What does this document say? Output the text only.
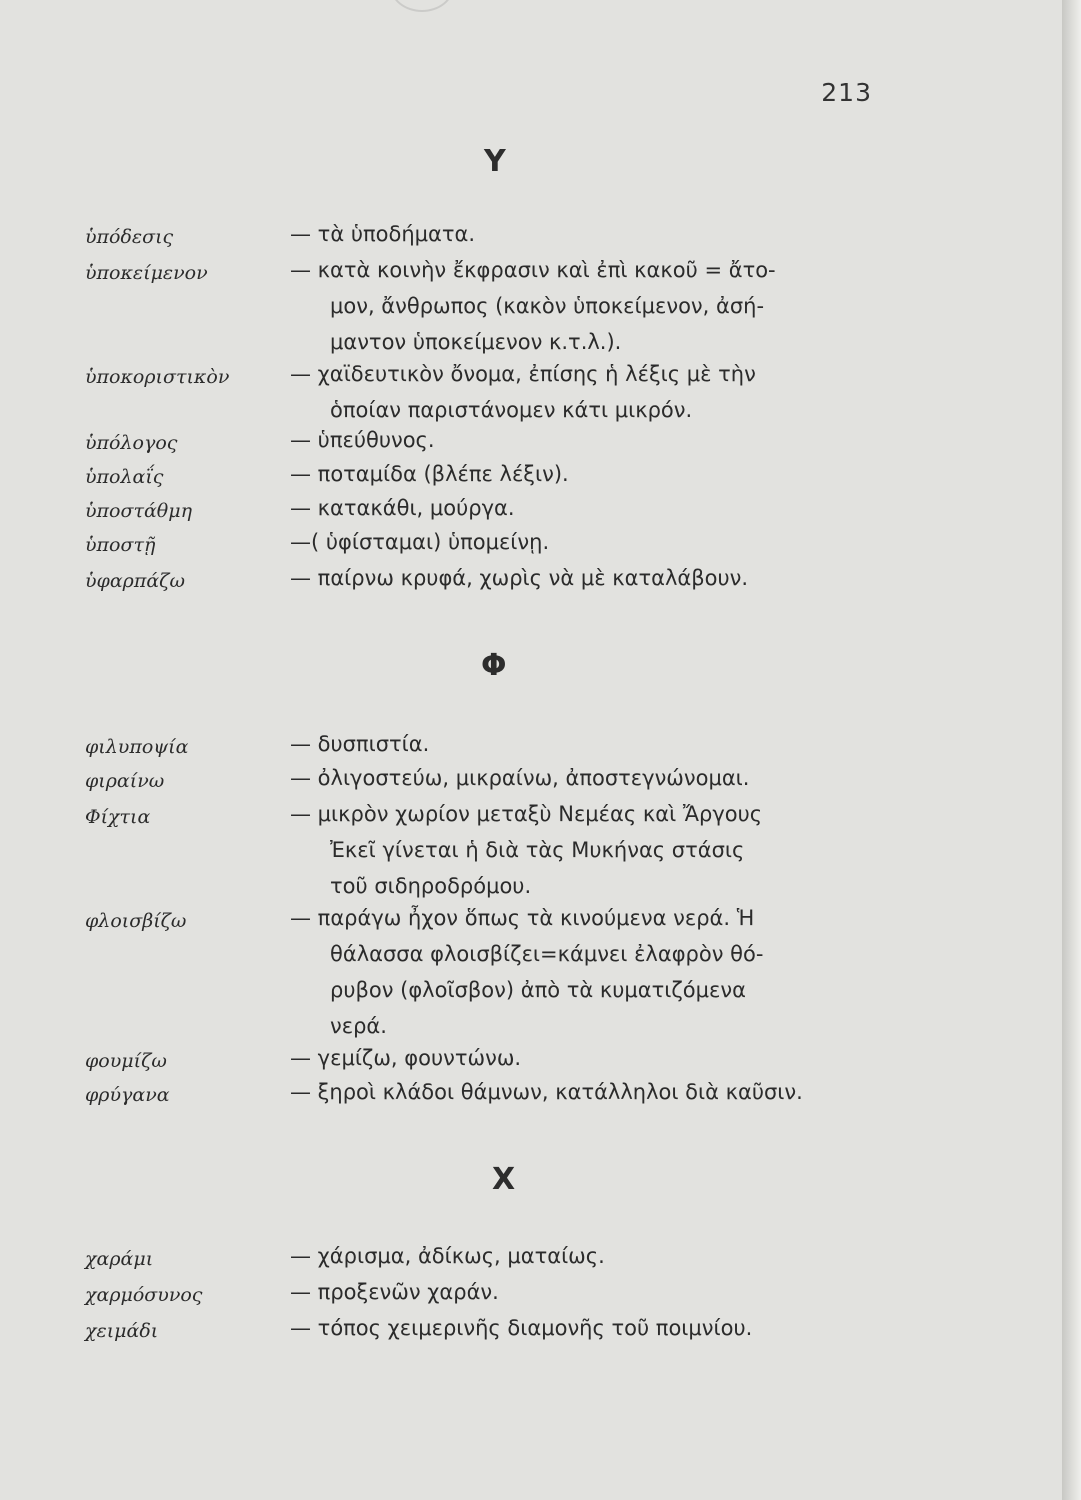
213
Υ
ὑπόδεσις	— τὰ ὑποδήματα.
ὑποκείμενον	— κατὰ κοινὴν ἔκφρασιν καὶ ἐπὶ κακοῦ = ἄτο-
μον, ἄνθρωπος (κακὸν ὑποκείμενον, ἀσή-
μαντον ὑποκείμενον κ.τ.λ.).
ὑποκοριστικὸν	— χαϊδευτικὸν ὄνομα, ἐπίσης ἡ λέξις μὲ τὴν
ὁποίαν παριστάνομεν κάτι μικρόν.
ὑπόλογος	— ὑπεύθυνος.
ὑπολαΐς	— ποταμίδα (βλέπε λέξιν).
ὑποστάθμη	— κατακάθι, μούργα.
ὑποστῇ	—( ὑφίσταμαι) ὑπομείνῃ.
ὑφαρπάζω	— παίρνω κρυφά, χωρὶς νὰ μὲ καταλάβουν.
Φ
φιλυποψία	— δυσπιστία.
φιραίνω	— ὀλιγοστεύω, μικραίνω, ἀποστεγνώνομαι.
Φίχτια	— μικρὸν χωρίον μεταξὺ Νεμέας καὶ Ἄργους
Ἐκεῖ γίνεται ἡ διὰ τὰς Μυκήνας στάσις
τοῦ σιδηροδρόμου.
φλοισβίζω	— παράγω ἦχον ὅπως τὰ κινούμενα νερά. Ἡ
θάλασσα φλοισβίζει=κάμνει ἐλαφρὸν θό-
ρυβον (φλοῖσβον) ἀπὸ τὰ κυματιζόμενα
νερά.
φουμίζω	— γεμίζω, φουντώνω.
φρύγανα	— ξηροὶ κλάδοι θάμνων, κατάλληλοι διὰ καῦσιν.
Χ
χαράμι	— χάρισμα, ἀδίκως, ματαίως.
χαρμόσυνος	— προξενῶν χαράν.
χειμάδι	— τόπος χειμερινῆς διαμονῆς τοῦ ποιμνίου.
